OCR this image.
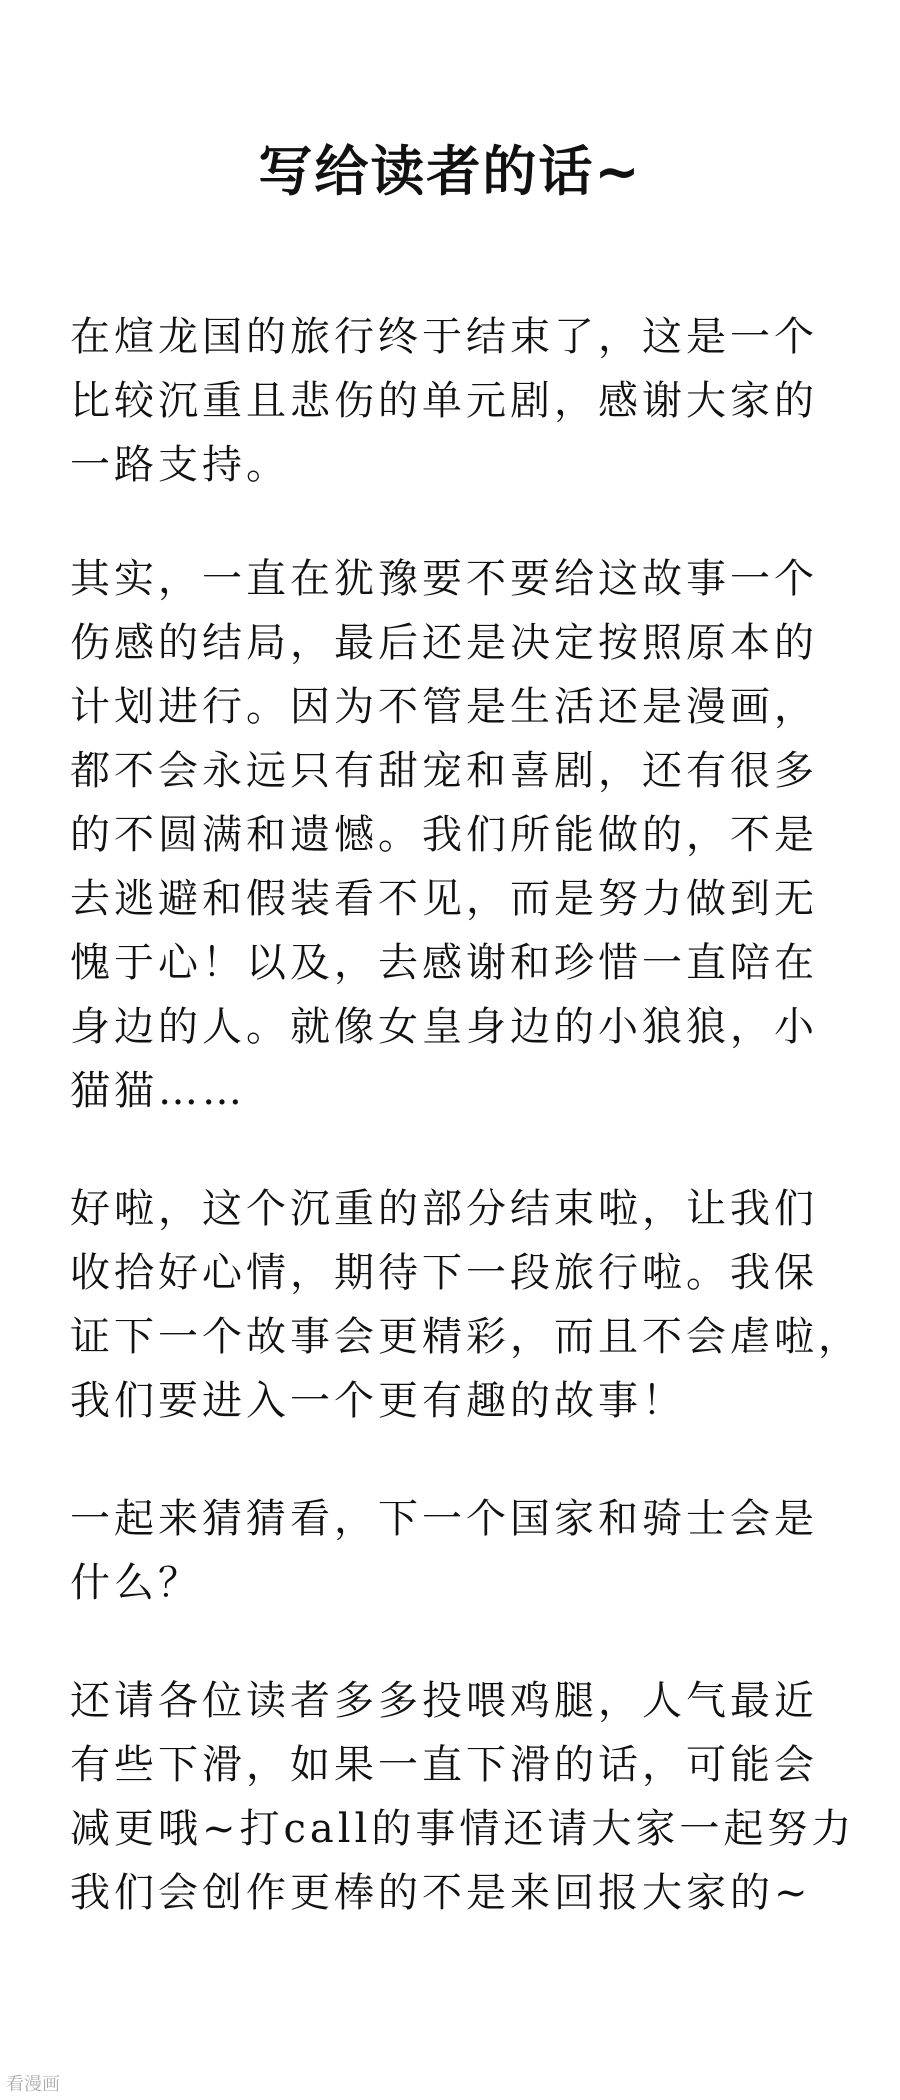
写给读者的话~
在煊龙国的旅行终于结束了，这是一个
比较沉重且悲伤的单元剧，感谢大家的
一路支持。
其实，一直在犹豫要不要给这故事一个
伤感的结局，最后还是决定按照原本的
计划进行。因为不管是生活还是漫画，
都不会永远只有甜宠和喜剧，还有很多
的不圆满和遗憾。我们所能做的，不是
去逃避和假装看不见，而是努力做到无
愧于心！以及，去感谢和珍惜一直陪在
身边的人。就像女皇身边的小狼狼，小
猫猫……
好啦，这个沉重的部分结束啦，让我们
收拾好心情，期待下一段旅行啦。我保
证下一个故事会更精彩，而且不会虐啦，
我们要进入一个更有趣的故事！
一起来猜猜看，下一个国家和骑士会是
什么？
还请各位读者多多投喂鸡腿，人气最近
有些下滑，如果一直下滑的话，可能会
减更哦~打call的事情还请大家一起努力
我们会创作更棒的不是来回报大家的~
看漫画
